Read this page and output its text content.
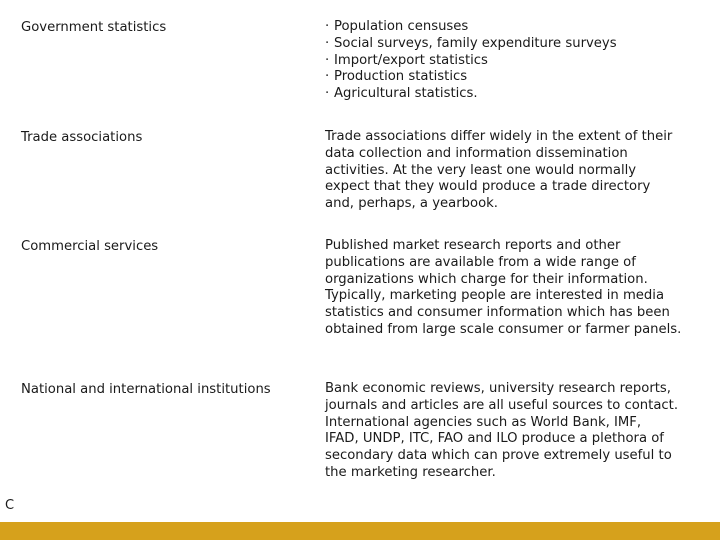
Government statistics	· Population censuses
· Social surveys, family expenditure surveys
· Import/export statistics
· Production statistics
· Agricultural statistics.
Trade associations	Trade associations differ widely in the extent of their
data collection and information dissemination
activities. At the very least one would normally
expect that they would produce a trade directory
and, perhaps, a yearbook.
Commercial services	Published market research reports and other
publications are available from a wide range of
organizations which charge for their information.
Typically, marketing people are interested in media
statistics and consumer information which has been
obtained from large scale consumer or farmer panels.
National and international institutions	Bank economic reviews, university research reports,
journals and articles are all useful sources to contact.
International agencies such as World Bank, IMF,
IFAD, UNDP, ITC, FAO and ILO produce a plethora of
secondary data which can prove extremely useful to
the marketing researcher.
C
